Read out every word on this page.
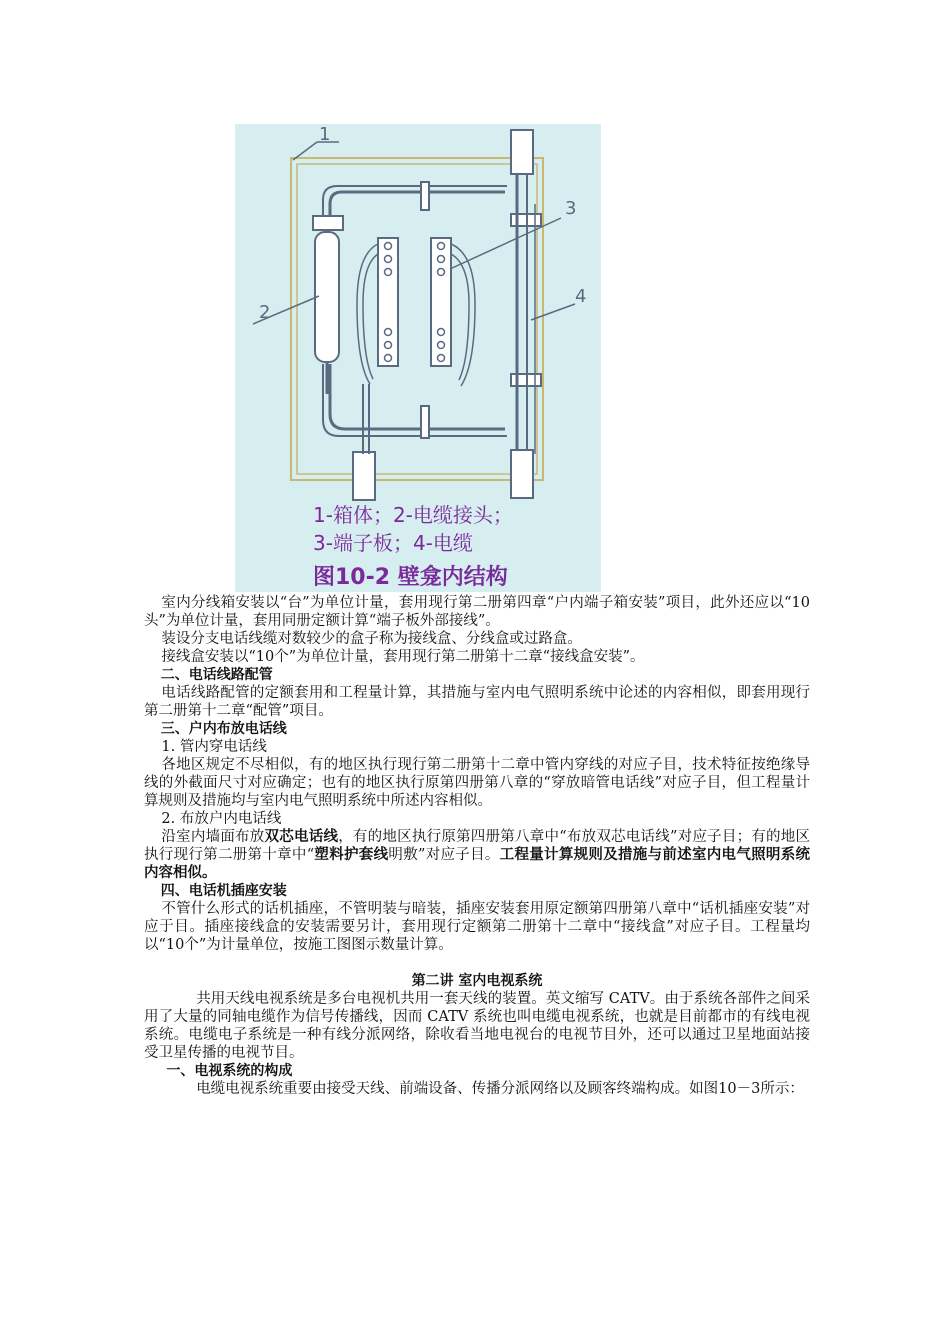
1
2
3
4
1-箱体；2-电缆接头；
3-端子板；4-电缆
图10-2 壁龛内结构

室内分线箱安装以“台”为单位计量，套用现行第二册第四章“户内端子箱安装”项目，此外还应以“10头”为单位计量，套用同册定额计算“端子板外部接线”。

装设分支电话线缆对数较少的盒子称为接线盒、分线盒或过路盒。

接线盒安装以“10个”为单位计量，套用现行第二册第十二章“接线盒安装”。

二、电话线路配管

电话线路配管的定额套用和工程量计算，其措施与室内电气照明系统中论述的内容相似，即套用现行第二册第十二章“配管”项目。

三、户内布放电话线

1. 管内穿电话线

各地区规定不尽相似，有的地区执行现行第二册第十二章中管内穿线的对应子目，技术特征按绝缘导线的外截面尺寸对应确定；也有的地区执行原第四册第八章的“穿放暗管电话线”对应子目，但工程量计算规则及措施均与室内电气照明系统中所述内容相似。

2. 布放户内电话线

沿室内墙面布放双芯电话线，有的地区执行原第四册第八章中“布放双芯电话线”对应子目；有的地区执行现行第二册第十章中“塑料护套线明敷”对应子目。工程量计算规则及措施与前述室内电气照明系统内容相似。

四、电话机插座安装

不管什么形式的话机插座，不管明装与暗装，插座安装套用原定额第四册第八章中“话机插座安装”对应于目。插座接线盒的安装需要另计，套用现行定额第二册第十二章中“接线盒”对应子目。工程量均以“10个”为计量单位，按施工图图示数量计算。

第二讲 室内电视系统

共用天线电视系统是多台电视机共用一套天线的装置。英文缩写 CATV。由于系统各部件之间采用了大量的同轴电缆作为信号传播线，因而 CATV 系统也叫电缆电视系统，也就是目前都市的有线电视系统。电缆电子系统是一种有线分派网络，除收看当地电视台的电视节目外，还可以通过卫星地面站接受卫星传播的电视节目。

一、电视系统的构成

电缆电视系统重要由接受天线、前端设备、传播分派网络以及顾客终端构成。如图10－3所示：
